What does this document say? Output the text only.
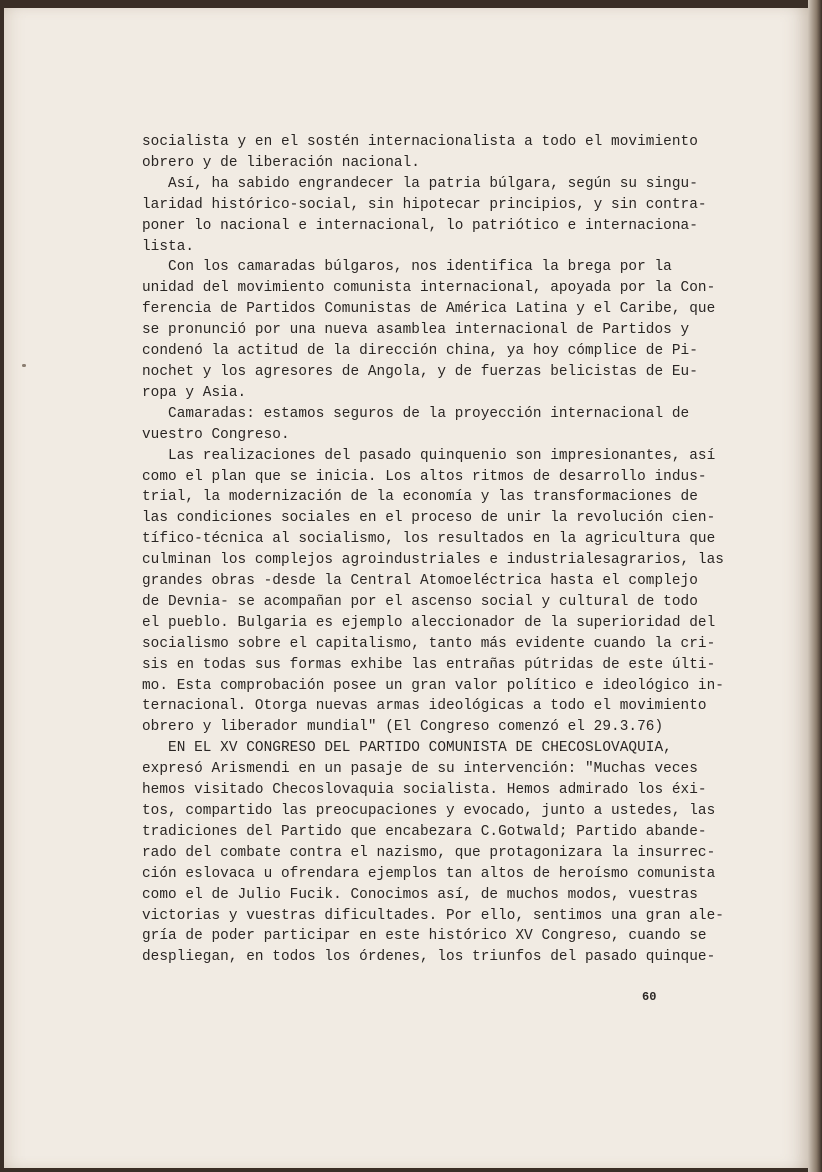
socialista y en el sostén internacionalista a todo el movimiento
obrero y de liberación nacional.
Así, ha sabido engrandecer la patria búlgara, según su singu-
laridad histórico-social, sin hipotecar principios, y sin contra-
poner lo nacional e internacional, lo patriótico e internaciona-
lista.
Con los camaradas búlgaros, nos identifica la brega por la
unidad del movimiento comunista internacional, apoyada por la Con-
ferencia de Partidos Comunistas de América Latina y el Caribe, que
se pronunció por una nueva asamblea internacional de Partidos y
condenó la actitud de la dirección china, ya hoy cómplice de Pi-
nochet y los agresores de Angola, y de fuerzas belicistas de Eu-
ropa y Asia.
Camaradas: estamos seguros de la proyección internacional de
vuestro Congreso.
Las realizaciones del pasado quinquenio son impresionantes, así
como el plan que se inicia. Los altos ritmos de desarrollo indus-
trial, la modernización de la economía y las transformaciones de
las condiciones sociales en el proceso de unir la revolución cien-
tífico-técnica al socialismo, los resultados en la agricultura que
culminan los complejos agroindustriales e industrialesagrarios, las
grandes obras -desde la Central Atomoeléctrica hasta el complejo
de Devnia- se acompañan por el ascenso social y cultural de todo
el pueblo. Bulgaria es ejemplo aleccionador de la superioridad del
socialismo sobre el capitalismo, tanto más evidente cuando la cri-
sis en todas sus formas exhibe las entrañas pútridas de este últi-
mo. Esta comprobación posee un gran valor político e ideológico in-
ternacional. Otorga nuevas armas ideológicas a todo el movimiento
obrero y liberador mundial" (El Congreso comenzó el 29.3.76)
EN EL XV CONGRESO DEL PARTIDO COMUNISTA DE CHECOSLOVAQUIA,
expresó Arismendi en un pasaje de su intervención: "Muchas veces
hemos visitado Checoslovaquia socialista. Hemos admirado los éxi-
tos, compartido las preocupaciones y evocado, junto a ustedes, las
tradiciones del Partido que encabezara C.Gotwald; Partido abande-
rado del combate contra el nazismo, que protagonizara la insurrec-
ción eslovaca u ofrendara ejemplos tan altos de heroísmo comunista
como el de Julio Fucik. Conocimos así, de muchos modos, vuestras
victorias y vuestras dificultades. Por ello, sentimos una gran ale-
gría de poder participar en este histórico XV Congreso, cuando se
despliegan, en todos los órdenes, los triunfos del pasado quinque-
60
